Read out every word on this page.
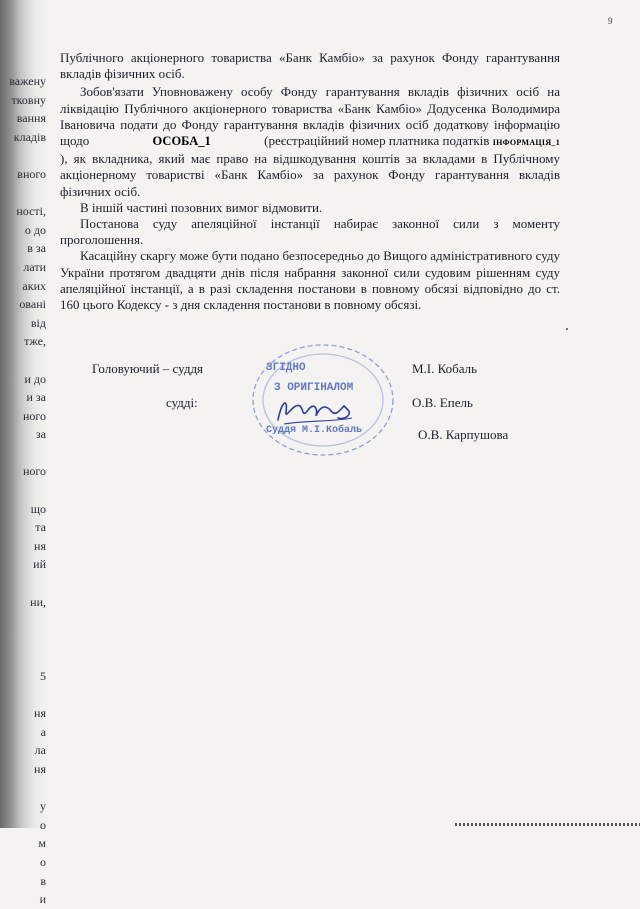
важену
тковну
вання
кладів
вного
ності,
о до
в за
лати
аких
овані
від
тже,
и до
и за
ного
за
ного
що
та
ня
ий
ни,
5
ня
а
ла
ня
у
о
м
о
в
и
9

Публічного акціонерного товариства «Банк Камбіо» за рахунок Фонду гарантування вкладів фізичних осіб.

Зобов'язати Уповноважену особу Фонду гарантування вкладів фізичних осіб на ліквідацію Публічного акціонерного товариства «Банк Камбіо» Додусенка Володимира Івановича подати до Фонду гарантування вкладів фізичних осіб додаткову інформацію щодо	ОСОБА_1	(реєстраційний номер платника податків ІНФОРМАЦІЯ_1 ), як вкладника, який має право на відшкодування коштів за вкладами в Публічному акціонерному товаристві «Банк Камбіо» за рахунок Фонду гарантування вкладів фізичних осіб.

В іншій частині позовних вимог відмовити.

Постанова суду апеляційної інстанції набирає законної сили з моменту проголошення.

Касаційну скаргу може бути подано безпосередньо до Вищого адміністративного суду України протягом двадцяти днів після набрання законної сили судовим рішенням суду апеляційної інстанції, а в разі складення постанови в повному обсязі відповідно до ст. 160 цього Кодексу - з дня складення постанови в повному обсязі.

ЗГІДНО
З ОРИГІНАЛОМ
Суддя М.І.Кобаль
Головуючий – суддя	М.І. Кобаль
судді:	О.В. Епель
О.В. Карпушова
